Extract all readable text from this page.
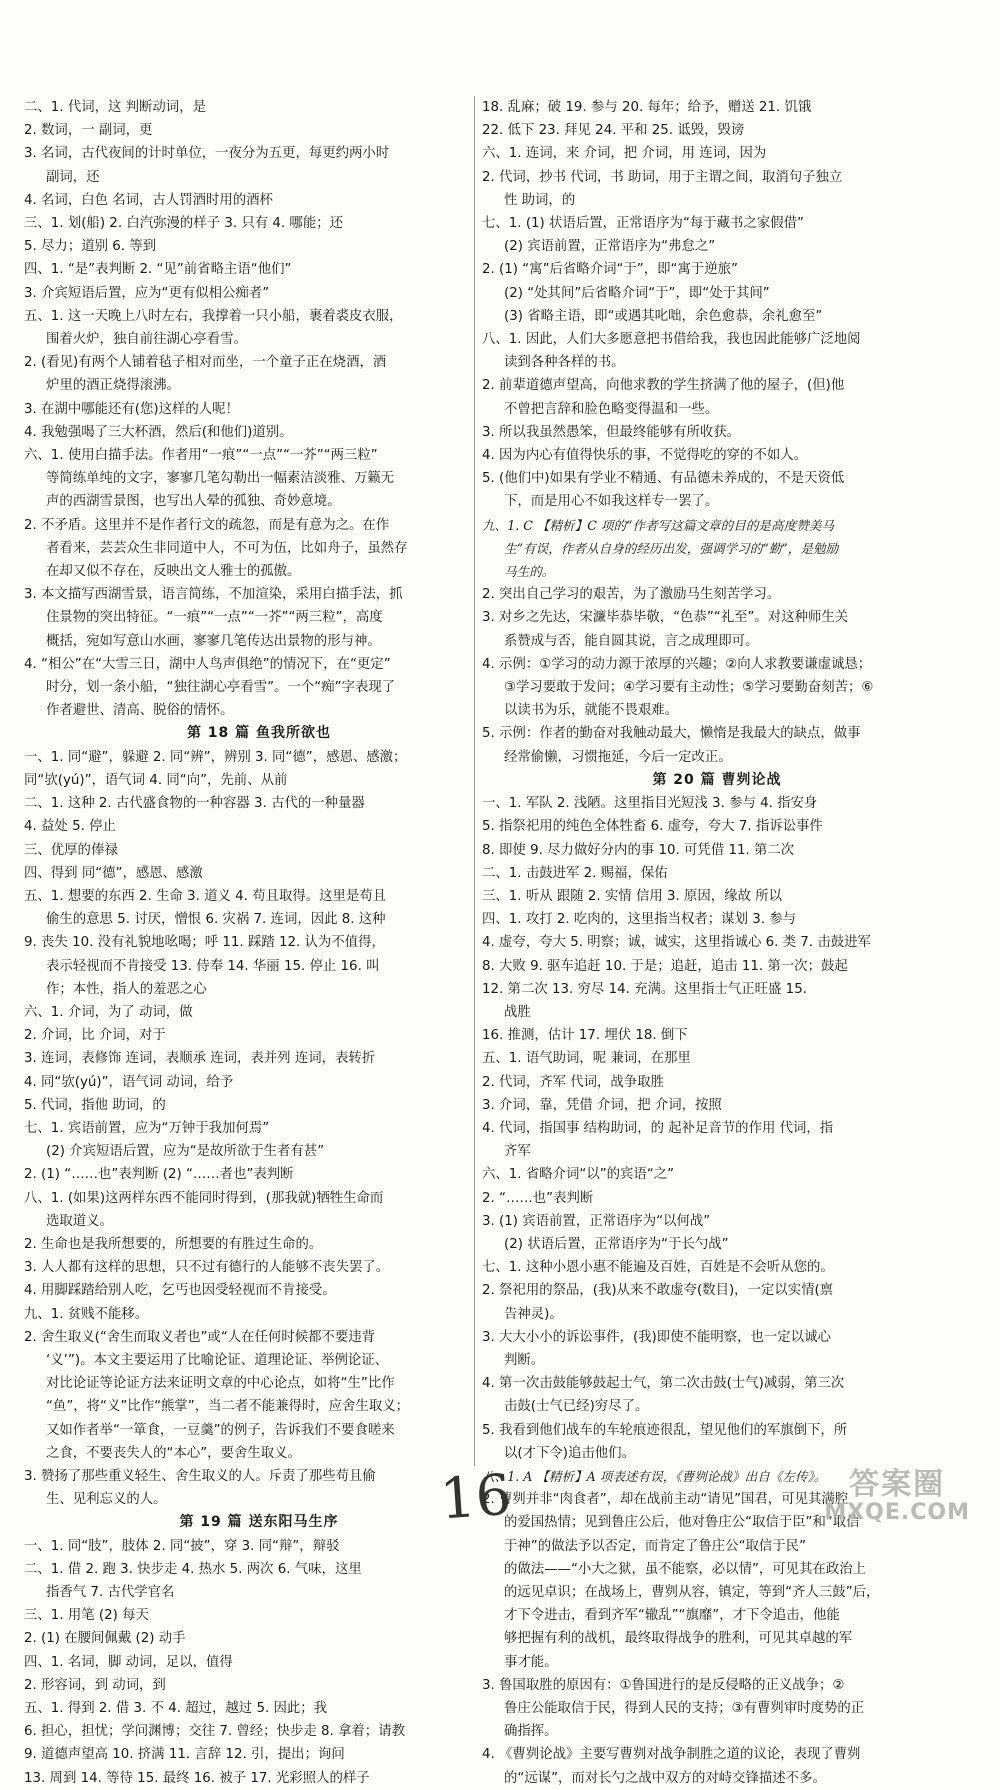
二、1. 代词，这 判断动词，是
2. 数词，一 副词，更
3. 名词，古代夜间的计时单位，一夜分为五更，每更约两小时
副词，还
4. 名词，白色 名词，古人罚酒时用的酒杯
三、1. 划(船) 2. 白汽弥漫的样子 3. 只有 4. 哪能；还
5. 尽力；道别 6. 等到
四、1. “是”表判断 2. “见”前省略主语“他们”
3. 介宾短语后置，应为“更有似相公痴者”
五、1. 这一天晚上八时左右，我撑着一只小船，裹着裘皮衣服，
围着火炉，独自前往湖心亭看雪。
2. (看见)有两个人铺着毡子相对而坐，一个童子正在烧酒，酒
炉里的酒正烧得滚沸。
3. 在湖中哪能还有(您)这样的人呢！
4. 我勉强喝了三大杯酒，然后(和他们)道别。
六、1. 使用白描手法。作者用“一痕”“一点”“一芥”“两三粒”
等简练单纯的文字，寥寥几笔勾勒出一幅素洁淡雅、万籁无
声的西湖雪景图，也写出人晕的孤独、奇妙意境。
2. 不矛盾。这里并不是作者行文的疏忽，而是有意为之。在作
者看来，芸芸众生非同道中人，不可为伍，比如舟子，虽然存
在却又似不存在，反映出文人雅士的孤傲。
3. 本文描写西湖雪景，语言简练，不加渲染，采用白描手法，抓
住景物的突出特征。“一痕”“一点”“一芥”“两三粒”，高度
概括，宛如写意山水画，寥寥几笔传达出景物的形与神。
4. “相公”在“大雪三日，湖中人鸟声俱绝”的情况下，在“更定”
时分，划一条小船，“独往湖心亭看雪”。一个“痴”字表现了
作者避世、清高、脱俗的情怀。
第 18 篇 鱼我所欲也
一、1. 同“避”，躲避 2. 同“辨”，辨别 3. 同“德”，感恩、感激；
同“欤(yú)”，语气词 4. 同“向”，先前、从前
二、1. 这种 2. 古代盛食物的一种容器 3. 古代的一种量器
4. 益处 5. 停止
三、优厚的俸禄
四、得到 同“德”，感恩、感激
五、1. 想要的东西 2. 生命 3. 道义 4. 苟且取得。这里是苟且
偷生的意思 5. 讨厌，憎恨 6. 灾祸 7. 连词，因此 8. 这种
9. 丧失 10. 没有礼貌地吆喝；呼 11. 踩踏 12. 认为不值得，
表示轻视而不肯接受 13. 侍奉 14. 华丽 15. 停止 16. 叫
作；本性，指人的羞恶之心
六、1. 介词，为了 动词，做
2. 介词，比 介词，对于
3. 连词，表修饰 连词，表顺承 连词，表并列 连词，表转折
4. 同“欤(yú)”，语气词 动词，给予
5. 代词，指他 助词，的
七、1. 宾语前置，应为“万钟于我加何焉”
(2) 介宾短语后置，应为“是故所欲于生者有甚”
2. (1) “……也”表判断 (2) “……者也”表判断
八、1. (如果)这两样东西不能同时得到，(那我就)牺牲生命而
选取道义。
2. 生命也是我所想要的，所想要的有胜过生命的。
3. 人人都有这样的思想，只不过有德行的人能够不丧失罢了。
4. 用脚踩踏给别人吃，乞丐也因受轻视而不肯接受。
九、1. 贫贱不能移。
2. 舍生取义(“舍生而取义者也”或“人在任何时候都不要违背
‘义’”)。本文主要运用了比喻论证、道理论证、举例论证、
对比论证等论证方法来证明文章的中心论点，如将“生”比作
“鱼”，将“义”比作“熊掌”，当二者不能兼得时，应舍生取义；
又如作者举“一箪食，一豆羹”的例子，告诉我们不要食嗟来
之食，不要丧失人的“本心”，要舍生取义。
3. 赞扬了那些重义轻生、舍生取义的人。斥责了那些苟且偷
生、见利忘义的人。
第 19 篇 送东阳马生序
一、1. 同“肢”，肢体 2. 同“披”，穿 3. 同“辩”，辩驳
二、1. 借 2. 跑 3. 快步走 4. 热水 5. 两次 6. 气味，这里
指香气 7. 古代学官名
三、1. 用笔 (2) 每天
2. (1) 在腰间佩戴 (2) 动手
四、1. 名词，脚 动词，足以，值得
2. 形容词，到 动词，到
五、1. 得到 2. 借 3. 不 4. 超过，越过 5. 因此；我
6. 担心，担忧；学问渊博；交往 7. 曾经；快步走 8. 拿着；请教
9. 道德声望高 10. 挤满 11. 言辞 12. 引，提出；询问
13. 周到 14. 等待 15. 最终 16. 被子 17. 光彩照人的样子
18. 乱麻；破 19. 参与 20. 每年；给予，赠送 21. 饥饿
22. 低下 23. 拜见 24. 平和 25. 诋毁，毁谤
六、1. 连词，来 介词，把 介词，用 连词，因为
2. 代词，抄书 代词，书 助词，用于主谓之间，取消句子独立
性 助词，的
七、1. (1) 状语后置，正常语序为“每于藏书之家假借”
(2) 宾语前置，正常语序为“弗怠之”
2. (1) “寓”后省略介词“于”，即“寓于逆旅”
(2) “处其间”后省略介词“于”，即“处于其间”
(3) 省略主语，即“或遇其叱咄，余色愈恭，余礼愈至”
八、1. 因此，人们大多愿意把书借给我，我也因此能够广泛地阅
读到各种各样的书。
2. 前辈道德声望高，向他求教的学生挤满了他的屋子，(但)他
不曾把言辞和脸色略变得温和一些。
3. 所以我虽然愚笨，但最终能够有所收获。
4. 因为内心有值得快乐的事，不觉得吃的穿的不如人。
5. (他们中)如果有学业不精通、有品德未养成的，不是天资低
下，而是用心不如我这样专一罢了。
九、1. C 【精析】C 项的“作者写这篇文章的目的是高度赞美马
生”有误，作者从自身的经历出发，强调学习的“勤”，是勉励
马生的。
2. 突出自己学习的艰苦，为了激励马生刻苦学习。
3. 对乡之先达，宋濂毕恭毕敬，“色恭”“礼至”。对这种师生关
系赞成与否，能自圆其说，言之成理即可。
4. 示例：①学习的动力源于浓厚的兴趣；②向人求教要谦虚诚恳；
③学习要敢于发问；④学习要有主动性；⑤学习要勤奋刻苦；⑥
以读书为乐，就能不畏艰难。
5. 示例：作者的勤奋对我触动最大，懒惰是我最大的缺点，做事
经常偷懒，习惯拖延，今后一定改正。
第 20 篇 曹刿论战
一、1. 军队 2. 浅陋。这里指目光短浅 3. 参与 4. 指安身
5. 指祭祀用的纯色全体牲畜 6. 虚夸，夸大 7. 指诉讼事件
8. 即使 9. 尽力做好分内的事 10. 可凭借 11. 第二次
二、1. 击鼓进军 2. 赐福，保佑
三、1. 听从 跟随 2. 实情 信用 3. 原因，缘故 所以
四、1. 攻打 2. 吃肉的，这里指当权者；谋划 3. 参与
4. 虚夸，夸大 5. 明察；诚，诚实，这里指诚心 6. 类 7. 击鼓进军
8. 大败 9. 驱车追赶 10. 于是；追赶，追击 11. 第一次；鼓起
12. 第二次 13. 穷尽 14. 充满。这里指士气正旺盛 15.
战胜
16. 推测，估计 17. 埋伏 18. 倒下
五、1. 语气助词，呢 兼词，在那里
2. 代词，齐军 代词，战争取胜
3. 介词，靠，凭借 介词，把 介词，按照
4. 代词，指国事 结构助词，的 起补足音节的作用 代词，指
齐军
六、1. 省略介词“以”的宾语“之”
2. “……也”表判断
3. (1) 宾语前置，正常语序为“以何战”
(2) 状语后置，正常语序为“于长勺战”
七、1. 这种小恩小惠不能遍及百姓，百姓是不会听从您的。
2. 祭祀用的祭品，(我)从来不敢虚夸(数目)，一定以实情(禀
告神灵)。
3. 大大小小的诉讼事件，(我)即使不能明察，也一定以诚心
判断。
4. 第一次击鼓能够鼓起士气，第二次击鼓(士气)减弱，第三次
击鼓(士气已经)穷尽了。
5. 我看到他们战车的车轮痕迹很乱，望见他们的军旗倒下，所
以(才下令)追击他们。
八、1. A 【精析】A 项表述有误，《曹刿论战》出自《左传》。
2. 曹刿并非“肉食者”，却在战前主动“请见”国君，可见其满腔
的爱国热情；见到鲁庄公后，他对鲁庄公“取信于臣”和“取信
于神”的做法予以否定，而肯定了鲁庄公“取信于民”
的做法——“小大之狱，虽不能察，必以情”，可见其在政治上
的远见卓识；在战场上，曹刿从容，镇定，等到“齐人三鼓”后，
才下令进击，看到齐军“辙乱”“旗靡”，才下令追击，他能
够把握有利的战机，最终取得战争的胜利，可见其卓越的军
事才能。
3. 鲁国取胜的原因有：①鲁国进行的是反侵略的正义战争；②
鲁庄公能取信于民，得到人民的支持；③有曹刿审时度势的正
确指挥。
4. 《曹刿论战》主要写曹刿对战争制胜之道的议论，表现了曹刿
的“远谋”，而对长勺之战中双方的对峙交锋描述不多。
16	答案圈
MXQE.COM
